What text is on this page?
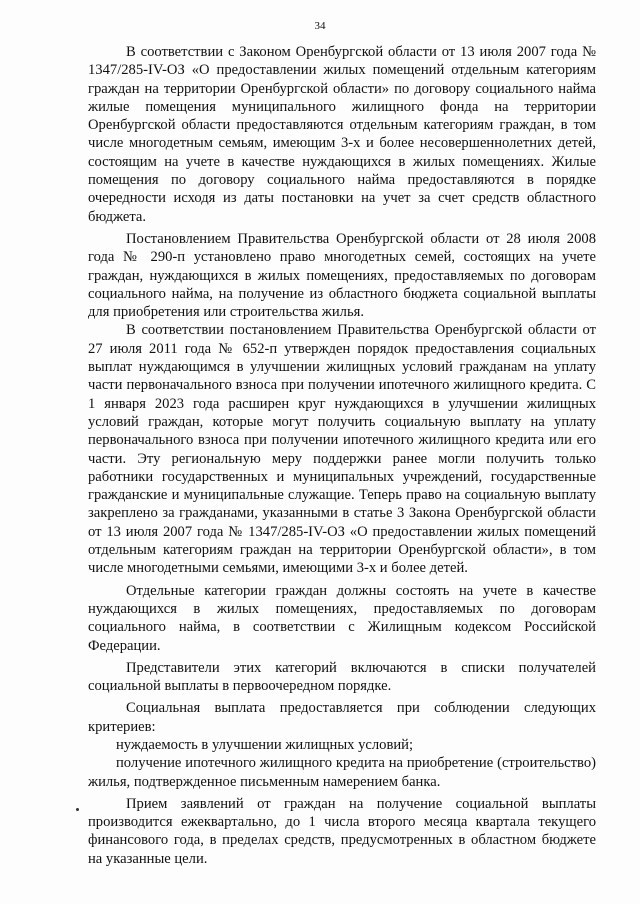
34

В соответствии с Законом Оренбургской области от 13 июля 2007 года № 1347/285-IV-ОЗ «О предоставлении жилых помещений отдельным категориям граждан на территории Оренбургской области» по договору социального найма жилые помещения муниципального жилищного фонда на территории Оренбургской области предоставляются отдельным категориям граждан, в том числе многодетным семьям, имеющим 3-х и более несовершеннолетних детей, состоящим на учете в качестве нуждающихся в жилых помещениях. Жилые помещения по договору социального найма предоставляются в порядке очередности исходя из даты постановки на учет за счет средств областного бюджета.

Постановлением Правительства Оренбургской области от 28 июля 2008 года № 290-п установлено право многодетных семей, состоящих на учете граждан, нуждающихся в жилых помещениях, предоставляемых по договорам социального найма, на получение из областного бюджета социальной выплаты для приобретения или строительства жилья.

В соответствии постановлением Правительства Оренбургской области от 27 июля 2011 года № 652-п утвержден порядок предоставления социальных выплат нуждающимся в улучшении жилищных условий гражданам на уплату части первоначального взноса при получении ипотечного жилищного кредита. С 1 января 2023 года расширен круг нуждающихся в улучшении жилищных условий граждан, которые могут получить социальную выплату на уплату первоначального взноса при получении ипотечного жилищного кредита или его части. Эту региональную меру поддержки ранее могли получить только работники государственных и муниципальных учреждений, государственные гражданские и муниципальные служащие. Теперь право на социальную выплату закреплено за гражданами, указанными в статье 3 Закона Оренбургской области от 13 июля 2007 года № 1347/285-IV-ОЗ «О предоставлении жилых помещений отдельным категориям граждан на территории Оренбургской области», в том числе многодетными семьями, имеющими 3-х и более детей.

Отдельные категории граждан должны состоять на учете в качестве нуждающихся в жилых помещениях, предоставляемых по договорам социального найма, в соответствии с Жилищным кодексом Российской Федерации.

Представители этих категорий включаются в списки получателей социальной выплаты в первоочередном порядке.

Социальная выплата предоставляется при соблюдении следующих критериев:

нуждаемость в улучшении жилищных условий;

получение ипотечного жилищного кредита на приобретение (строительство) жилья, подтвержденное письменным намерением банка.

Прием заявлений от граждан на получение социальной выплаты производится ежеквартально, до 1 числа второго месяца квартала текущего финансового года, в пределах средств, предусмотренных в областном бюджете на указанные цели.
